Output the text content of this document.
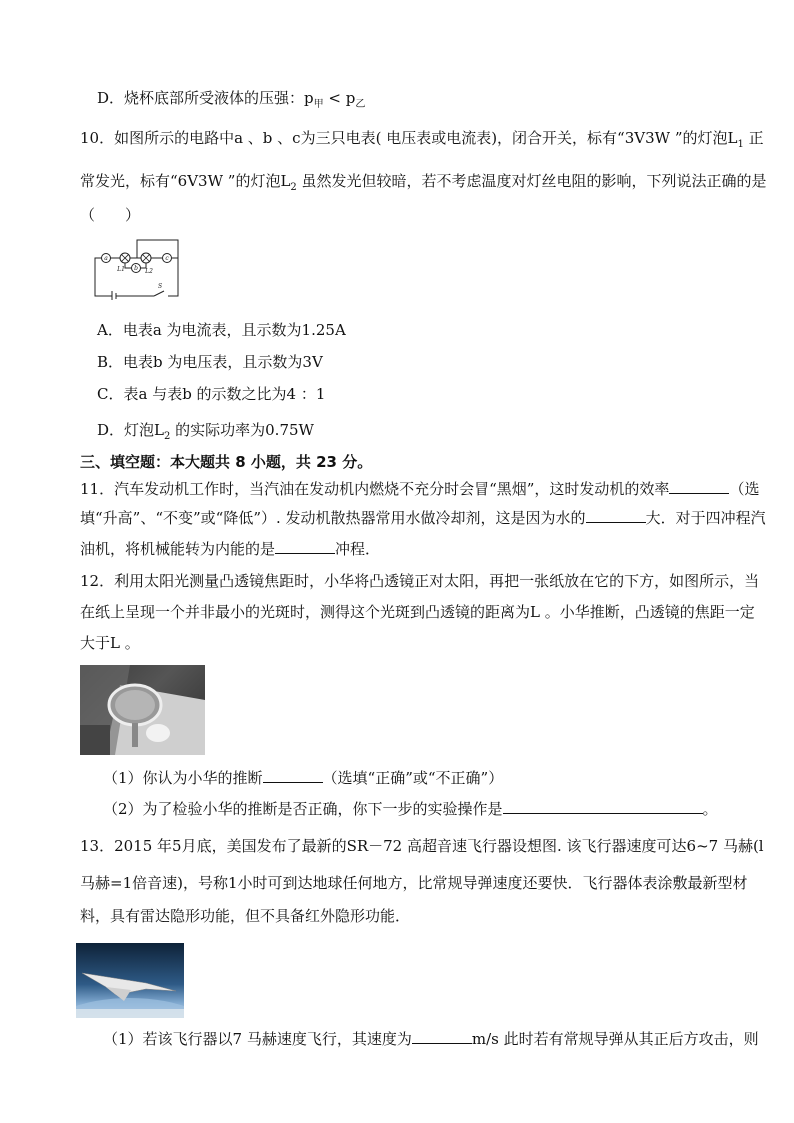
D．烧杯底部所受液体的压强：$p_甲 < p_乙$
10．如图所示的电路中a 、b 、c为三只电表( 电压表或电流表)，闭合开关，标有“3V3W ”的灯泡$L_1$ 正
常发光，标有“6V3W ”的灯泡$L_2$ 虽然发光但较暗，若不考虑温度对灯丝电阻的影响，下列说法正确的是
（　　）
a
b
c
L1	L2
S
A．电表a 为电流表，且示数为1.25A
B．电表b 为电压表，且示数为3V
C．表a 与表b 的示数之比为4 ：1
D．灯泡$L_2$ 的实际功率为0.75W
三、填空题：本大题共 8 小题，共 23 分。
11．汽车发动机工作时，当汽油在发动机内燃烧不充分时会冒“黑烟”，这时发动机的效率	（选
填“升高”、“不变”或“降低”）. 发动机散热器常用水做冷却剂，这是因为水的	大．对于四冲程汽
油机，将机械能转为内能的是	冲程．
12．利用太阳光测量凸透镜焦距时，小华将凸透镜正对太阳，再把一张纸放在它的下方，如图所示，当
在纸上呈现一个并非最小的光斑时，测得这个光斑到凸透镜的距离为L 。小华推断，凸透镜的焦距一定
大于L 。
（1）你认为小华的推断	（选填“正确”或“不正确”）
（2）为了检验小华的推断是否正确，你下一步的实验操作是	。
13．2015 年5月底，美国发布了最新的SR－72 高超音速飞行器设想图. 该飞行器速度可达6~7 马赫(l
马赫=1倍音速)，号称1小时可到达地球任何地方，比常规导弹速度还要快．飞行器体表涂敷最新型材
料，具有雷达隐形功能，但不具备红外隐形功能．
（1）若该飞行器以7 马赫速度飞行，其速度为	m/s 此时若有常规导弹从其正后方攻击，则
